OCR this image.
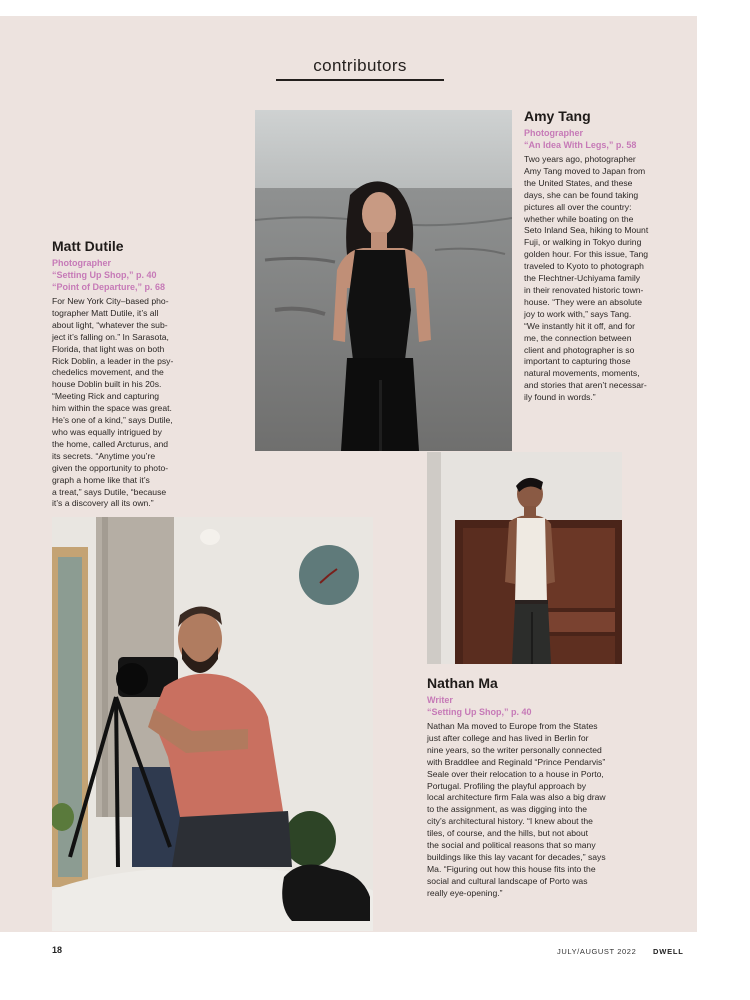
contributors
Amy Tang
Photographer
“An Idea With Legs,” p. 58
Two years ago, photographer
Amy Tang moved to Japan from
the United States, and these
days, she can be found taking
pictures all over the country:
whether while boating on the
Seto Inland Sea, hiking to Mount
Fuji, or walking in Tokyo during
golden hour. For this issue, Tang
traveled to Kyoto to photograph
the Flechtner-Uchiyama family
in their renovated historic town-
house. “They were an absolute
joy to work with,” says Tang.
“We instantly hit it off, and for
me, the connection between
client and photographer is so
important to capturing those
natural movements, moments,
and stories that aren’t necessar-
ily found in words.”
Matt Dutile
Photographer
“Setting Up Shop,” p. 40
“Point of Departure,” p. 68
For New York City–based pho-
tographer Matt Dutile, it’s all
about light, “whatever the sub-
ject it’s falling on.” In Sarasota,
Florida, that light was on both
Rick Doblin, a leader in the psy-
chedelics movement, and the
house Doblin built in his 20s.
“Meeting Rick and capturing
him within the space was great.
He’s one of a kind,” says Dutile,
who was equally intrigued by
the home, called Arcturus, and
its secrets. “Anytime you’re
given the opportunity to photo-
graph a home like that it’s
a treat,” says Dutile, “because
it’s a discovery all its own.”
Nathan Ma
Writer
“Setting Up Shop,” p. 40
Nathan Ma moved to Europe from the States
just after college and has lived in Berlin for
nine years, so the writer personally connected
with Braddlee and Reginald “Prince Pendarvis”
Seale over their relocation to a house in Porto,
Portugal. Profiling the playful approach by
local architecture firm Fala was also a big draw
to the assignment, as was digging into the
city’s architectural history. “I knew about the
tiles, of course, and the hills, but not about
the social and political reasons that so many
buildings like this lay vacant for decades,” says
Ma. “Figuring out how this house fits into the
social and cultural landscape of Porto was
really eye-opening.”
18	JULY/AUGUST 2022 DWELL
